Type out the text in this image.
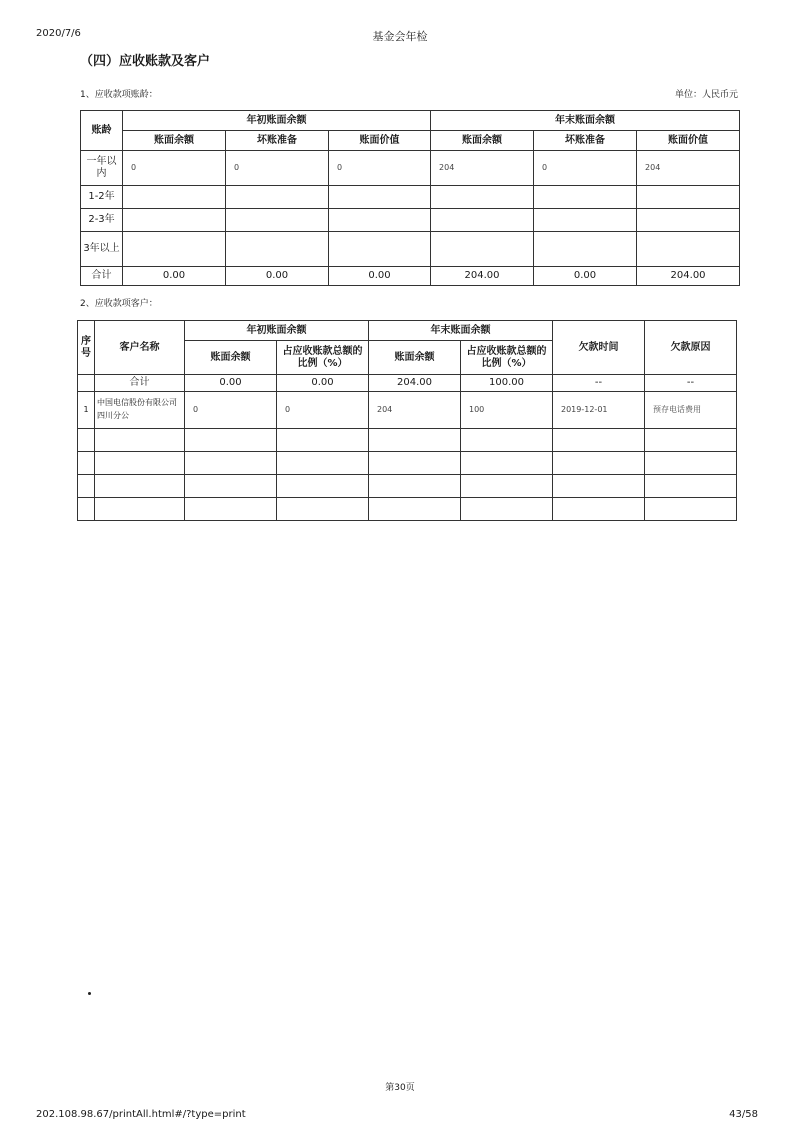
2020/7/6	基金会年检
（四）应收账款及客户
1、应收款项账龄：	单位：人民币元
账龄	年初账面余额			年末账面余额		
	账面余额	坏账准备	账面价值	账面余额	坏账准备	账面价值
一年以内	0	0	0	204	0	204
1-2年						
2-3年						
3年以上						
合计	0.00	0.00	0.00	204.00	0.00	204.00
2、应收款项客户：
序号	客户名称	年初账面余额		年末账面余额		欠款时间	欠款原因
		账面余额	占应收账款总额的比例（%）	账面余额	占应收账款总额的比例（%）		
	合计	0.00	0.00	204.00	100.00	--	--
1	中国电信股份有限公司四川分公	0	0	204	100	2019-12-01	预存电话费用

第30页
202.108.98.67/printAll.html#/?type=print	43/58
